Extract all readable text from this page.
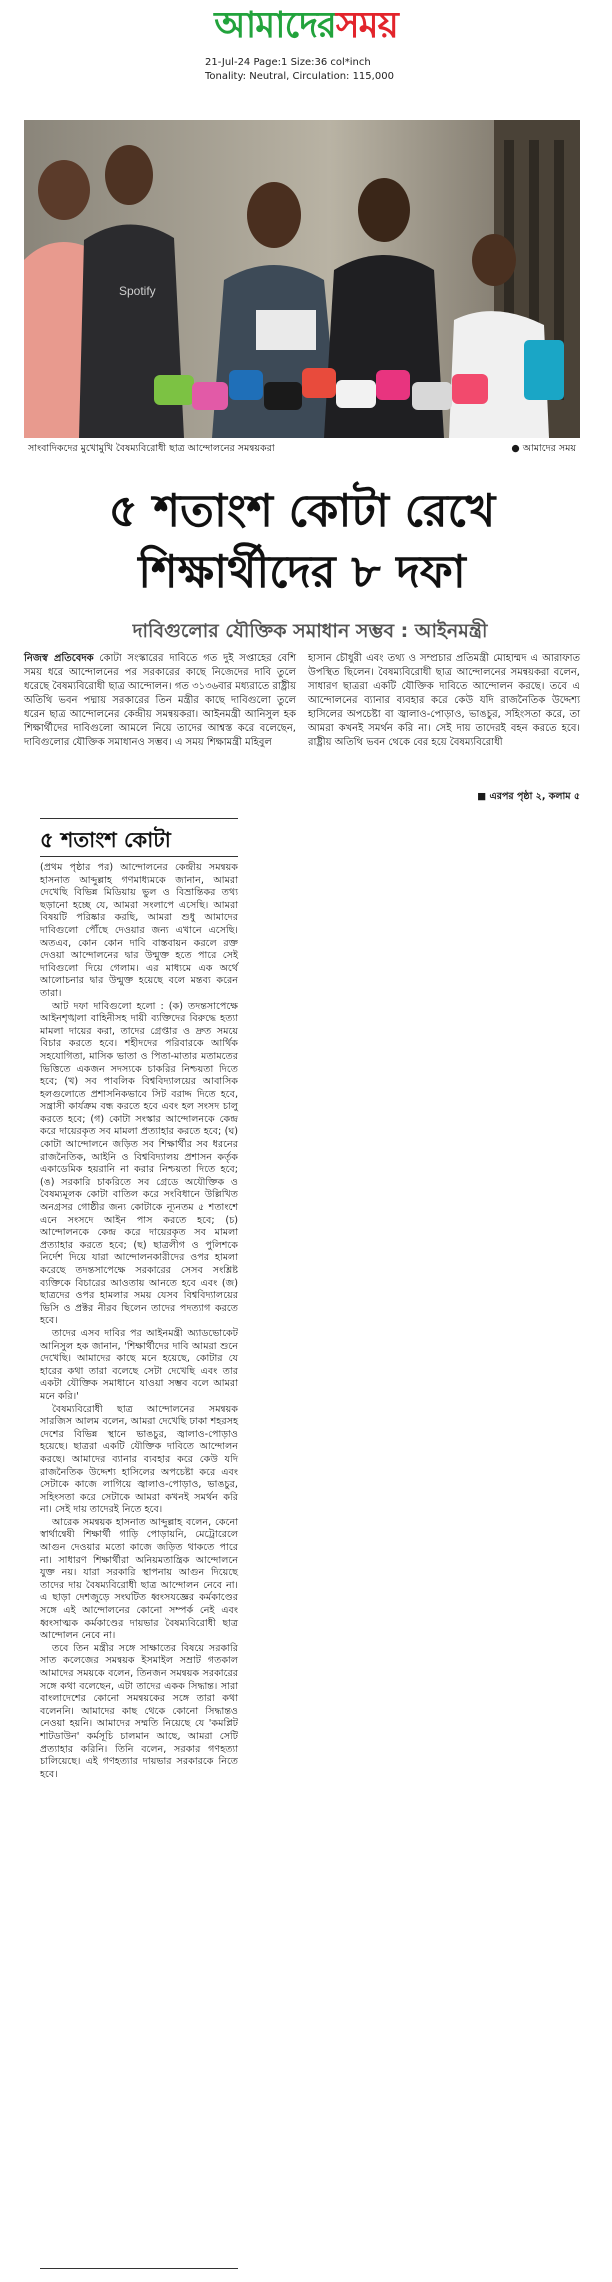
আমাদেরসময়
21-Jul-24 Page:1 Size:36 col*inch
Tonality: Neutral, Circulation: 115,000
Spotify
সাংবাদিকদের মুখোমুখি বৈষম্যবিরোধী ছাত্র আন্দোলনের সমন্বয়করা	● আমাদের সময়
৫ শতাংশ কোটা রেখে
শিক্ষার্থীদের ৮ দফা
দাবিগুলোর যৌক্তিক সমাধান সম্ভব : আইনমন্ত্রী

নিজস্ব প্রতিবেদক কোটা সংস্কারের দাবিতে গত দুই সপ্তাহের বেশি সময় ধরে আন্দোলনের পর সরকারের কাছে নিজেদের দাবি তুলে ধরেছে বৈষম্যবিরোধী ছাত্র আন্দোলন। গত ৩১৩৬বার মধ্যরাতে রাষ্ট্রীয় অতিথি ভবন পদ্মায় সরকারের তিন মন্ত্রীর কাছে দাবিগুলো তুলে ধরেন ছাত্র আন্দোলনের কেন্দ্রীয় সমন্বয়করা। আইনমন্ত্রী আনিসুল হক শিক্ষার্থীদের দাবিগুলো আমলে নিয়ে তাদের আশ্বস্ত করে বলেছেন, দাবিগুলোর যৌক্তিক সমাধানও সম্ভব। এ সময় শিক্ষামন্ত্রী মহিবুল

হাসান চৌধুরী এবং তথ্য ও সম্প্রচার প্রতিমন্ত্রী মোহাম্মদ এ আরাফাত উপস্থিত ছিলেন। বৈষম্যবিরোধী ছাত্র আন্দোলনের সমন্বয়করা বলেন, সাধারণ ছাত্ররা একটি যৌক্তিক দাবিতে আন্দোলন করছে। তবে এ আন্দোলনের ব্যানার ব্যবহার করে কেউ যদি রাজনৈতিক উদ্দেশ্য হাসিলের অপচেষ্টা বা জ্বালাও-পোড়াও, ভাঙচুর, সহিংসতা করে, তা আমরা কখনই সমর্থন করি না। সেই দায় তাদেরই বহন করতে হবে। রাষ্ট্রীয় অতিথি ভবন থেকে বের হয়ে বৈষম্যবিরোধী

■ এরপর পৃষ্ঠা ২, কলাম ৫
৫ শতাংশ কোটা

(প্রথম পৃষ্ঠার পর) আন্দোলনের কেন্দ্রীয় সমন্বয়ক হাসনাত আব্দুল্লাহ গণমাধ্যমকে জানান, আমরা দেখেছি বিভিন্ন মিডিয়ায় ভুল ও বিভ্রান্তিকর তথ্য ছড়ানো হচ্ছে যে, আমরা সংলাপে এসেছি। আমরা বিষয়টি পরিষ্কার করছি, আমরা শুধু আমাদের দাবিগুলো পৌঁছে দেওয়ার জন্য এখানে এসেছি। অতএব, কোন কোন দাবি বাস্তবায়ন করলে রক্ত দেওয়া আন্দোলনের দ্বার উন্মুক্ত হতে পারে সেই দাবিগুলো দিয়ে গেলাম। এর মাধ্যমে এক অর্থে আলোচনার দ্বার উন্মুক্ত হয়েছে বলে মন্তব্য করেন তারা।

আট দফা দাবিগুলো হলো : (ক) তদন্তসাপেক্ষে আইনশৃঙ্খলা বাহিনীসহ দায়ী ব্যক্তিদের বিরুদ্ধে হত্যা মামলা দায়ের করা, তাদের গ্রেপ্তার ও দ্রুত সময়ে বিচার করতে হবে। শহীদদের পরিবারকে আর্থিক সহযোগিতা, মাসিক ভাতা ও পিতা-মাতার মতামতের ভিত্তিতে একজন সদস্যকে চাকরির নিশ্চয়তা দিতে হবে; (খ) সব পাবলিক বিশ্ববিদ্যালয়ের আবাসিক হলগুলোতে প্রশাসনিকভাবে সিট বরাদ্দ দিতে হবে, সন্ত্রাসী কার্যক্রম বন্ধ করতে হবে এবং হল সংসদ চালু করতে হবে; (গ) কোটা সংস্কার আন্দোলনকে কেন্দ্র করে দায়েরকৃত সব মামলা প্রত্যাহার করতে হবে; (ঘ) কোটা আন্দোলনে জড়িত সব শিক্ষার্থীর সব ধরনের রাজনৈতিক, আইনি ও বিশ্ববিদ্যালয় প্রশাসন কর্তৃক একাডেমিক হয়রানি না করার নিশ্চয়তা দিতে হবে; (ঙ) সরকারি চাকরিতে সব গ্রেডে অযৌক্তিক ও বৈষম্যমূলক কোটা বাতিল করে সংবিধানে উল্লিখিত অনগ্রসর গোষ্ঠীর জন্য কোটাকে ন্যূনতম ৫ শতাংশে এনে সংসদে আইন পাস করতে হবে; (চ) আন্দোলনকে কেন্দ্র করে দায়েরকৃত সব মামলা প্রত্যাহার করতে হবে; (ছ) ছাত্রলীগ ও পুলিশকে নির্দেশ দিয়ে যারা আন্দোলনকারীদের ওপর হামলা করেছে তদন্তসাপেক্ষে সরকারের সেসব সংশ্লিষ্ট ব্যক্তিকে বিচারের আওতায় আনতে হবে এবং (জ) ছাত্রদের ওপর হামলার সময় যেসব বিশ্ববিদ্যালয়ের ভিসি ও প্রক্টর নীরব ছিলেন তাদের পদত্যাগ করতে হবে।

তাদের এসব দাবির পর আইনমন্ত্রী অ্যাডভোকেট আনিসুল হক জানান, 'শিক্ষার্থীদের দাবি আমরা শুনে দেখেছি। আমাদের কাছে মনে হয়েছে, কোটার যে হারের কথা তারা বলেছে সেটা দেখেছি এবং তার একটা যৌক্তিক সমাধানে যাওয়া সম্ভব বলে আমরা মনে করি।'

বৈষম্যবিরোধী ছাত্র আন্দোলনের সমন্বয়ক সারজিস আলম বলেন, আমরা দেখেছি ঢাকা শহরসহ দেশের বিভিন্ন স্থানে ভাঙচুর, জ্বালাও-পোড়াও হয়েছে। ছাত্ররা একটি যৌক্তিক দাবিতে আন্দোলন করছে। আমাদের ব্যানার ব্যবহার করে কেউ যদি রাজনৈতিক উদ্দেশ্য হাসিলের অপচেষ্টা করে এবং সেটাকে কাজে লাগিয়ে জ্বালাও-পোড়াও, ভাঙচুর, সহিংসতা করে সেটাকে আমরা কখনই সমর্থন করি না। সেই দায় তাদেরই নিতে হবে।

আরেক সমন্বয়ক হাসনাত আব্দুল্লাহ বলেন, কেনো স্বার্থান্বেষী শিক্ষার্থী গাড়ি পোড়ায়নি, মেট্রোরেলে আগুন দেওয়ার মতো কাজে জড়িত থাকতে পারে না। সাধারণ শিক্ষার্থীরা অনিয়মতান্ত্রিক আন্দোলনে যুক্ত নয়। যারা সরকারি স্থাপনায় আগুন দিয়েছে তাদের দায় বৈষম্যবিরোধী ছাত্র আন্দোলন নেবে না। এ ছাড়া দেশজুড়ে সংঘটিত ধ্বংসযজ্ঞের কর্মকাণ্ডের সঙ্গে এই আন্দোলনের কোনো সম্পর্ক নেই এবং ধ্বংসাত্মক কর্মকাণ্ডের দায়ভার বৈষম্যবিরোধী ছাত্র আন্দোলন নেবে না।

তবে তিন মন্ত্রীর সঙ্গে সাক্ষাতের বিষয়ে সরকারি সাত কলেজের সমন্বয়ক ইসমাইল সম্রাট গতকাল আমাদের সময়কে বলেন, তিনজন সমন্বয়ক সরকারের সঙ্গে কথা বলেছেন, এটা তাদের একক সিদ্ধান্ত। সারা বাংলাদেশের কোনো সমন্বয়কের সঙ্গে তারা কথা বলেননি। আমাদের কাছ থেকে কোনো সিদ্ধান্তও নেওয়া হয়নি। আমাদের সম্মতি নিয়েছে যে 'কমপ্লিট শাটডাউন' কর্মসূচি চালমান আছে, আমরা সেটি প্রত্যাহার করিনি। তিনি বলেন, সরকার গণহত্যা চালিয়েছে। এই গণহত্যার দায়ভার সরকারকে নিতে হবে।
